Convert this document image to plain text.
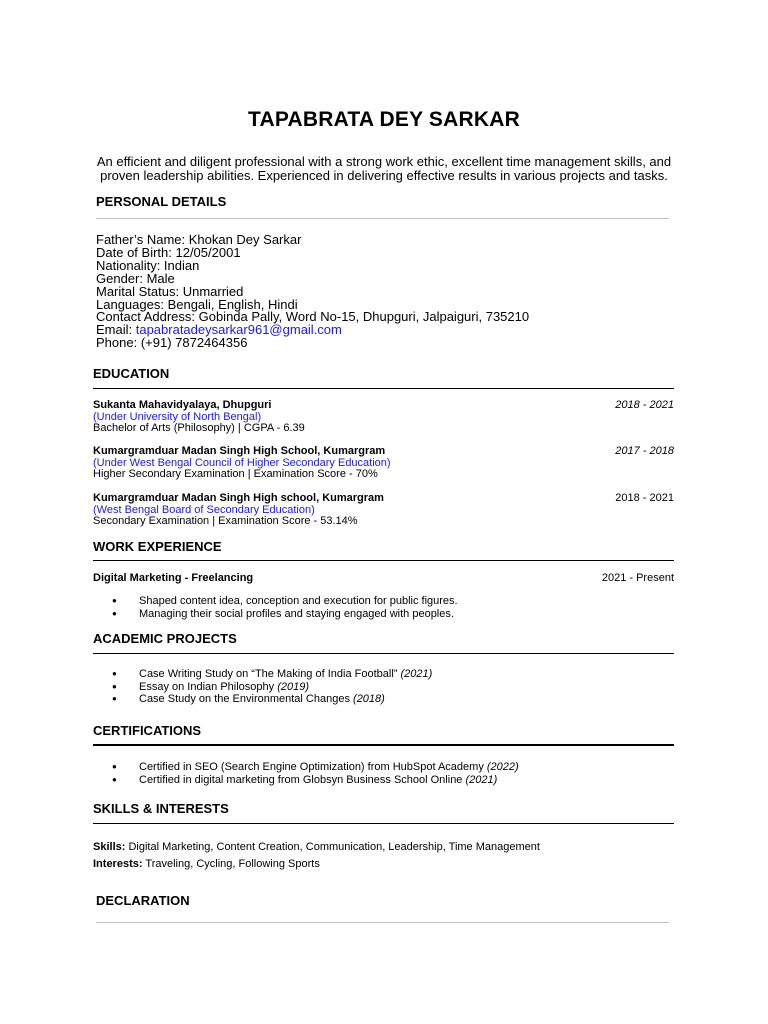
TAPABRATA DEY SARKAR
An efficient and diligent professional with a strong work ethic, excellent time management skills, and proven leadership abilities. Experienced in delivering effective results in various projects and tasks.
PERSONAL DETAILS
Father’s Name: Khokan Dey Sarkar
Date of Birth: 12/05/2001
Nationality: Indian
Gender: Male
Marital Status: Unmarried
Languages: Bengali, English, Hindi
Contact Address: Gobinda Pally, Word No-15, Dhupguri, Jalpaiguri, 735210
Email: tapabratadeysarkar961@gmail.com
Phone: (+91) 7872464356
EDUCATION
Sukanta Mahavidyalaya, Dhupguri	2018 - 2021
(Under University of North Bengal)
Bachelor of Arts (Philosophy) | CGPA - 6.39
Kumargramduar Madan Singh High School, Kumargram	2017 - 2018
(Under West Bengal Council of Higher Secondary Education)
Higher Secondary Examination | Examination Score - 70%
Kumargramduar Madan Singh High school, Kumargram	2018 - 2021
(West Bengal Board of Secondary Education)
Secondary Examination | Examination Score - 53.14%
WORK EXPERIENCE
Digital Marketing - Freelancing	2021 - Present
● Shaped content idea, conception and execution for public figures.
● Managing their social profiles and staying engaged with peoples.
ACADEMIC PROJECTS
● Case Writing Study on “The Making of India Football” (2021)
● Essay on Indian Philosophy (2019)
● Case Study on the Environmental Changes (2018)
CERTIFICATIONS
● Certified in SEO (Search Engine Optimization) from HubSpot Academy (2022)
● Certified in digital marketing from Globsyn Business School Online (2021)
SKILLS & INTERESTS
Skills: Digital Marketing, Content Creation, Communication, Leadership, Time Management
Interests: Traveling, Cycling, Following Sports
DECLARATION
